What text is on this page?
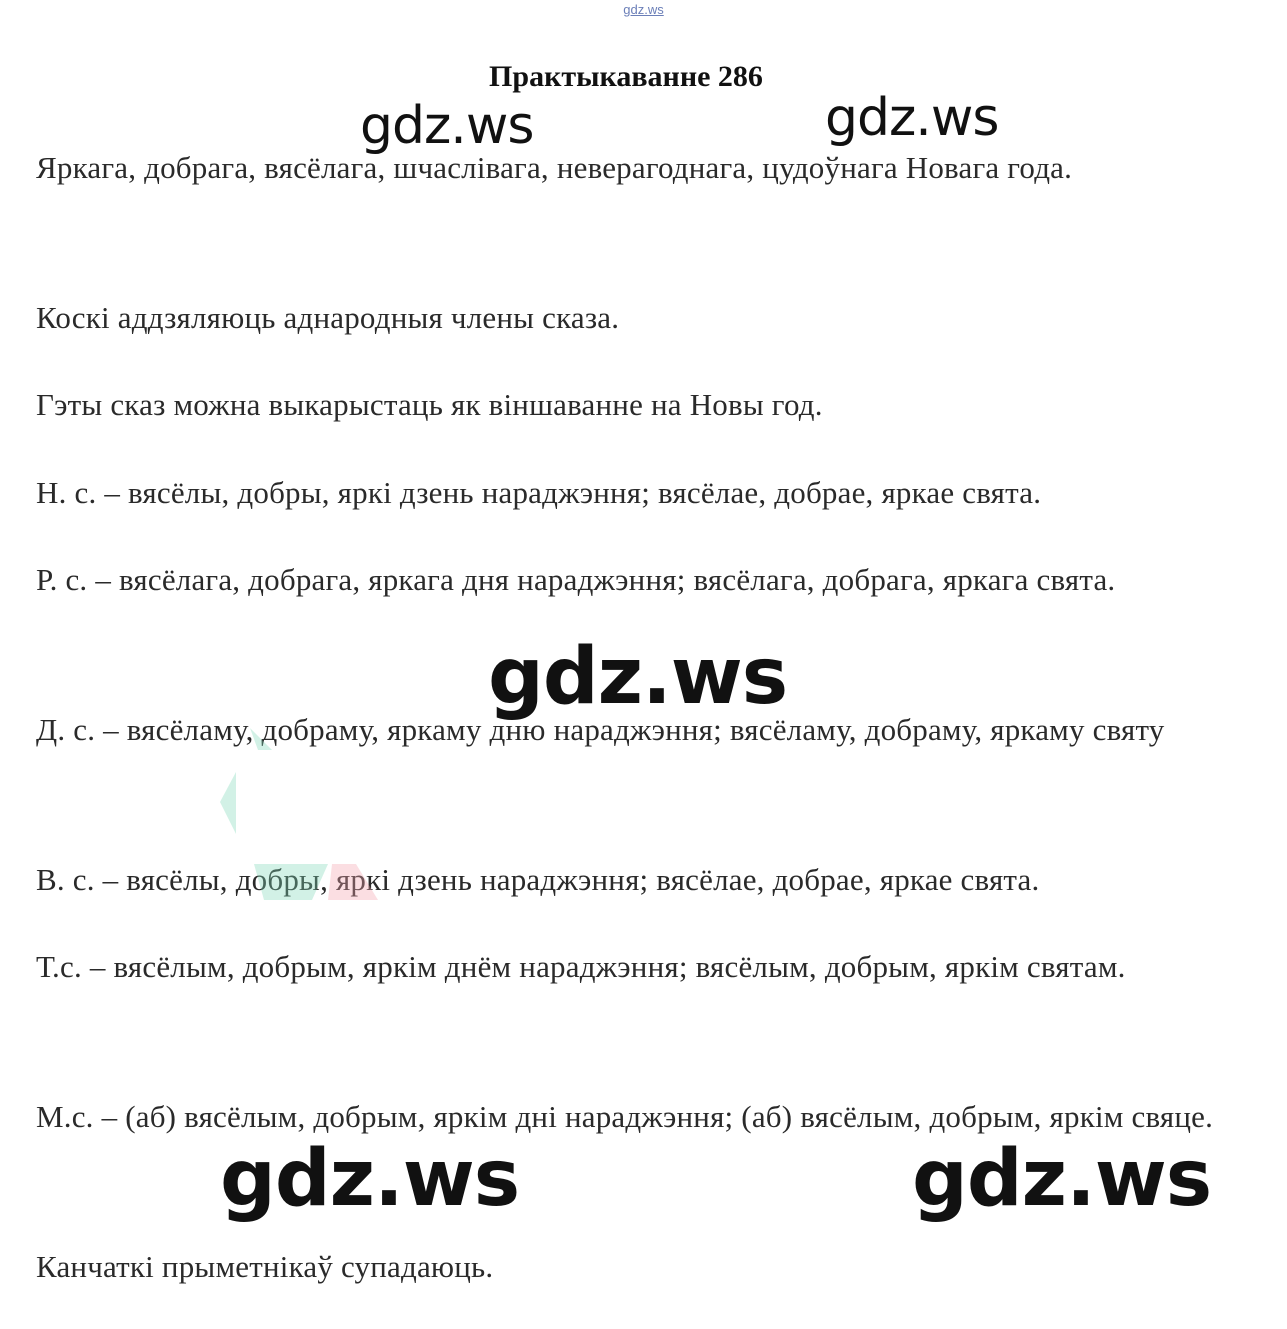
gdz.ws
Практыкаванне 286
Яркага, добрага, вясёлага, шчаслівага, неверагоднага, цудоўнага Новага года.
Коскі аддзяляюць аднародныя члены сказа.
Гэты сказ можна выкарыстаць як віншаванне на Новы год.
Н. с. – вясёлы, добры, яркі дзень нараджэння; вясёлае, добрае, яркае свята.
Р. с. – вясёлага, добрага, яркага дня нараджэння; вясёлага, добрага, яркага свята.
Д. с. – вясёламу, добраму, яркаму дню нараджэння; вясёламу, добраму, яркаму святу
В. с. – вясёлы, добры, яркі дзень нараджэння; вясёлае, добрае, яркае свята.
Т.с. – вясёлым, добрым, яркім днём нараджэння; вясёлым, добрым, яркім святам.
М.с. – (аб) вясёлым, добрым, яркім дні нараджэння; (аб) вясёлым, добрым, яркім свяце.
Канчаткі прыметнікаў супадаюць.
gdz.ws	gdz.ws
gdz.ws
gdz.ws	gdz.ws
